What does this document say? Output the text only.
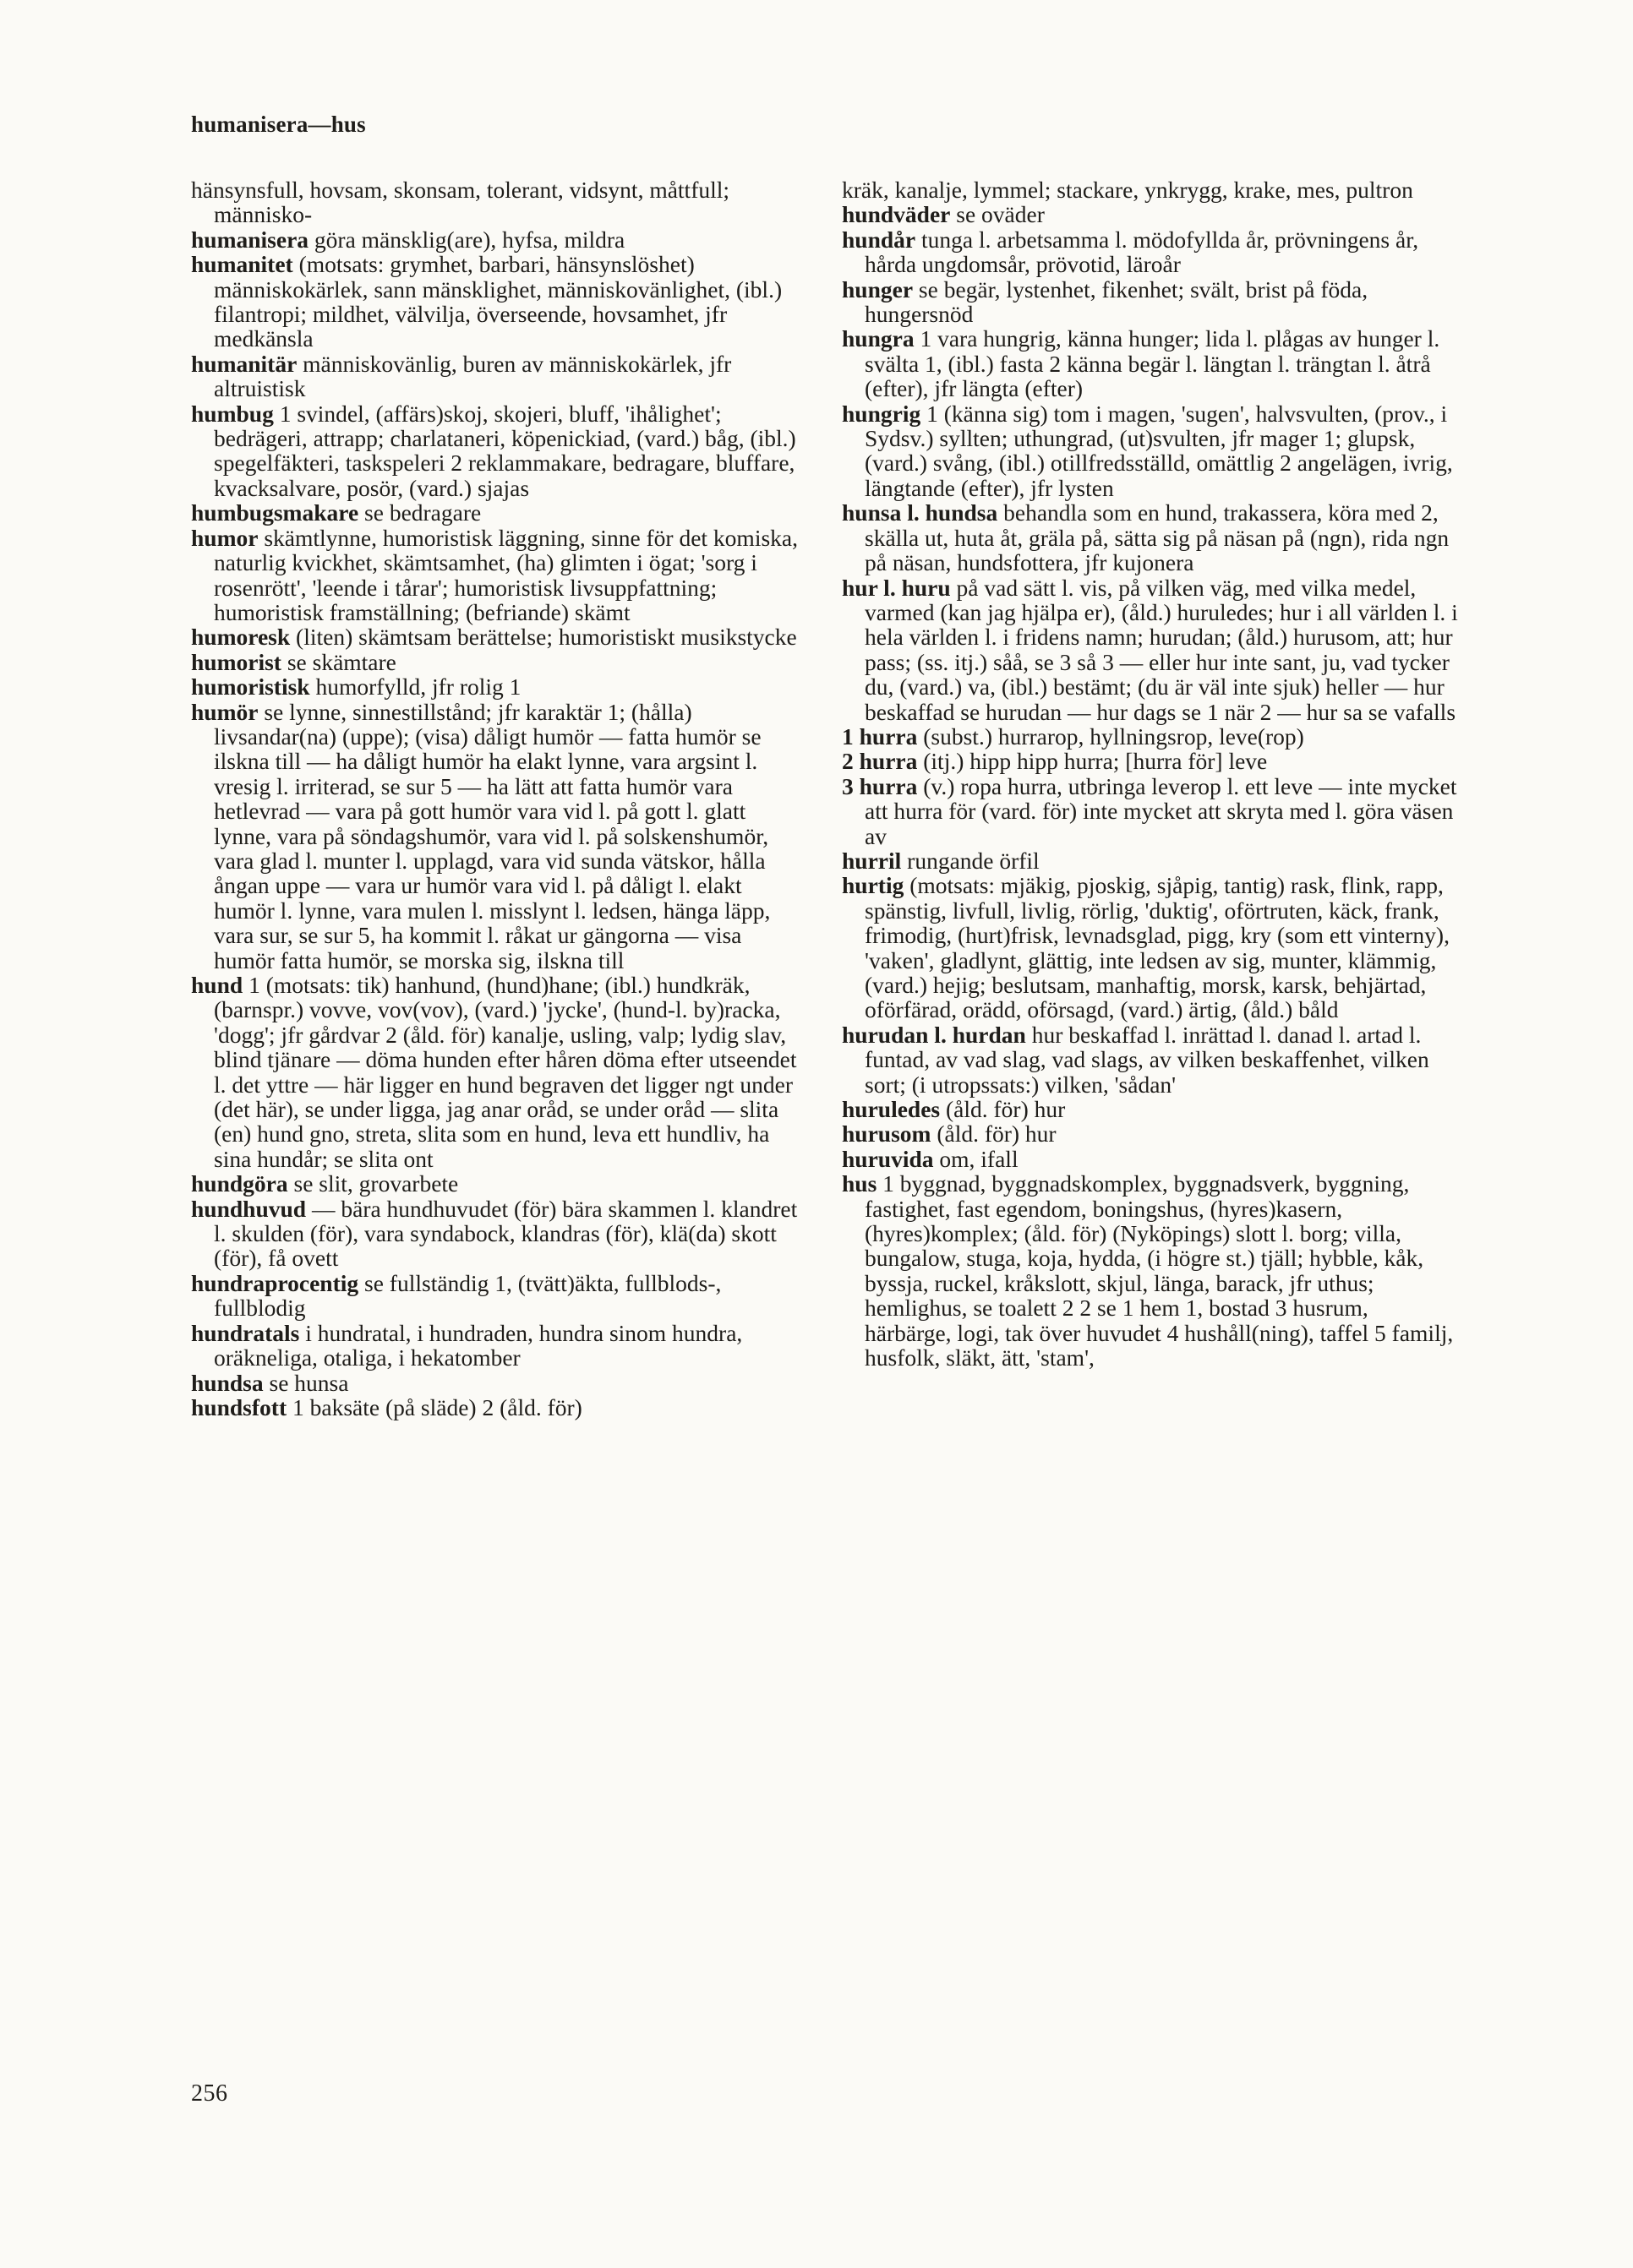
humanisera—hus

hänsynsfull, hovsam, skonsam, tolerant, vidsynt, måttfull; människo-

humanisera göra mänsklig(are), hyfsa, mildra

humanitet (motsats: grymhet, barbari, hänsynslöshet) människokärlek, sann mänsklighet, människovänlighet, (ibl.) filantropi; mildhet, välvilja, överseende, hovsamhet, jfr medkänsla

humanitär människovänlig, buren av människokärlek, jfr altruistisk

humbug 1 svindel, (affärs)skoj, skojeri, bluff, 'ihålighet'; bedrägeri, attrapp; charlataneri, köpenickiad, (vard.) båg, (ibl.) spegelfäkteri, taskspeleri 2 reklammakare, bedragare, bluffare, kvacksalvare, posör, (vard.) sjajas

humbugsmakare se bedragare

humor skämtlynne, humoristisk läggning, sinne för det komiska, naturlig kvickhet, skämtsamhet, (ha) glimten i ögat; 'sorg i rosenrött', 'leende i tårar'; humoristisk livsuppfattning; humoristisk framställning; (befriande) skämt

humoresk (liten) skämtsam berättelse; humoristiskt musikstycke

humorist se skämtare

humoristisk humorfylld, jfr rolig 1

humör se lynne, sinnestillstånd; jfr karaktär 1; (hålla) livsandar(na) (uppe); (visa) dåligt humör — fatta humör se ilskna till — ha dåligt humör ha elakt lynne, vara argsint l. vresig l. irriterad, se sur 5 — ha lätt att fatta humör vara hetlevrad — vara på gott humör vara vid l. på gott l. glatt lynne, vara på söndagshumör, vara vid l. på solskenshumör, vara glad l. munter l. upplagd, vara vid sunda vätskor, hålla ångan uppe — vara ur humör vara vid l. på dåligt l. elakt humör l. lynne, vara mulen l. misslynt l. ledsen, hänga läpp, vara sur, se sur 5, ha kommit l. råkat ur gängorna — visa humör fatta humör, se morska sig, ilskna till

hund 1 (motsats: tik) hanhund, (hund)hane; (ibl.) hundkräk, (barnspr.) vovve, vov(vov), (vard.) 'jycke', (hund-l. by)racka, 'dogg'; jfr gårdvar 2 (åld. för) kanalje, usling, valp; lydig slav, blind tjänare — döma hunden efter håren döma efter utseendet l. det yttre — här ligger en hund begraven det ligger ngt under (det här), se under ligga, jag anar oråd, se under oråd — slita (en) hund gno, streta, slita som en hund, leva ett hundliv, ha sina hundår; se slita ont

hundgöra se slit, grovarbete

hundhuvud — bära hundhuvudet (för) bära skammen l. klandret l. skulden (för), vara syndabock, klandras (för), klä(da) skott (för), få ovett

hundraprocentig se fullständig 1, (tvätt)äkta, fullblods-, fullblodig

hundratals i hundratal, i hundraden, hundra sinom hundra, oräkneliga, otaliga, i hekatomber

hundsa se hunsa

hundsfott 1 baksäte (på släde) 2 (åld. för)

kräk, kanalje, lymmel; stackare, ynkrygg, krake, mes, pultron

hundväder se oväder

hundår tunga l. arbetsamma l. mödofyllda år, prövningens år, hårda ungdomsår, prövotid, läroår

hunger se begär, lystenhet, fikenhet; svält, brist på föda, hungersnöd

hungra 1 vara hungrig, känna hunger; lida l. plågas av hunger l. svälta 1, (ibl.) fasta 2 känna begär l. längtan l. trängtan l. åtrå (efter), jfr längta (efter)

hungrig 1 (känna sig) tom i magen, 'sugen', halvsvulten, (prov., i Sydsv.) syllten; uthungrad, (ut)svulten, jfr mager 1; glupsk, (vard.) svång, (ibl.) otillfredsställd, omättlig 2 angelägen, ivrig, längtande (efter), jfr lysten

hunsa l. hundsa behandla som en hund, trakassera, köra med 2, skälla ut, huta åt, gräla på, sätta sig på näsan på (ngn), rida ngn på näsan, hundsfottera, jfr kujonera

hur l. huru på vad sätt l. vis, på vilken väg, med vilka medel, varmed (kan jag hjälpa er), (åld.) huruledes; hur i all världen l. i hela världen l. i fridens namn; hurudan; (åld.) hurusom, att; hur pass; (ss. itj.) såå, se 3 så 3 — eller hur inte sant, ju, vad tycker du, (vard.) va, (ibl.) bestämt; (du är väl inte sjuk) heller — hur beskaffad se hurudan — hur dags se 1 när 2 — hur sa se vafalls

1 hurra (subst.) hurrarop, hyllningsrop, leve(rop)

2 hurra (itj.) hipp hipp hurra; [hurra för] leve

3 hurra (v.) ropa hurra, utbringa leverop l. ett leve — inte mycket att hurra för (vard. för) inte mycket att skryta med l. göra väsen av

hurril rungande örfil

hurtig (motsats: mjäkig, pjoskig, sjåpig, tantig) rask, flink, rapp, spänstig, livfull, livlig, rörlig, 'duktig', oförtruten, käck, frank, frimodig, (hurt)frisk, levnadsglad, pigg, kry (som ett vinterny), 'vaken', gladlynt, glättig, inte ledsen av sig, munter, klämmig, (vard.) hejig; beslutsam, manhaftig, morsk, karsk, behjärtad, oförfärad, orädd, oförsagd, (vard.) ärtig, (åld.) båld

hurudan l. hurdan hur beskaffad l. inrättad l. danad l. artad l. funtad, av vad slag, vad slags, av vilken beskaffenhet, vilken sort; (i utropssats:) vilken, 'sådan'

huruledes (åld. för) hur

hurusom (åld. för) hur

huruvida om, ifall

hus 1 byggnad, byggnadskomplex, byggnadsverk, byggning, fastighet, fast egendom, boningshus, (hyres)kasern, (hyres)komplex; (åld. för) (Nyköpings) slott l. borg; villa, bungalow, stuga, koja, hydda, (i högre st.) tjäll; hybble, kåk, byssja, ruckel, kråkslott, skjul, länga, barack, jfr uthus; hemlighus, se toalett 2 2 se 1 hem 1, bostad 3 husrum, härbärge, logi, tak över huvudet 4 hushåll(ning), taffel 5 familj, husfolk, släkt, ätt, 'stam',

256
